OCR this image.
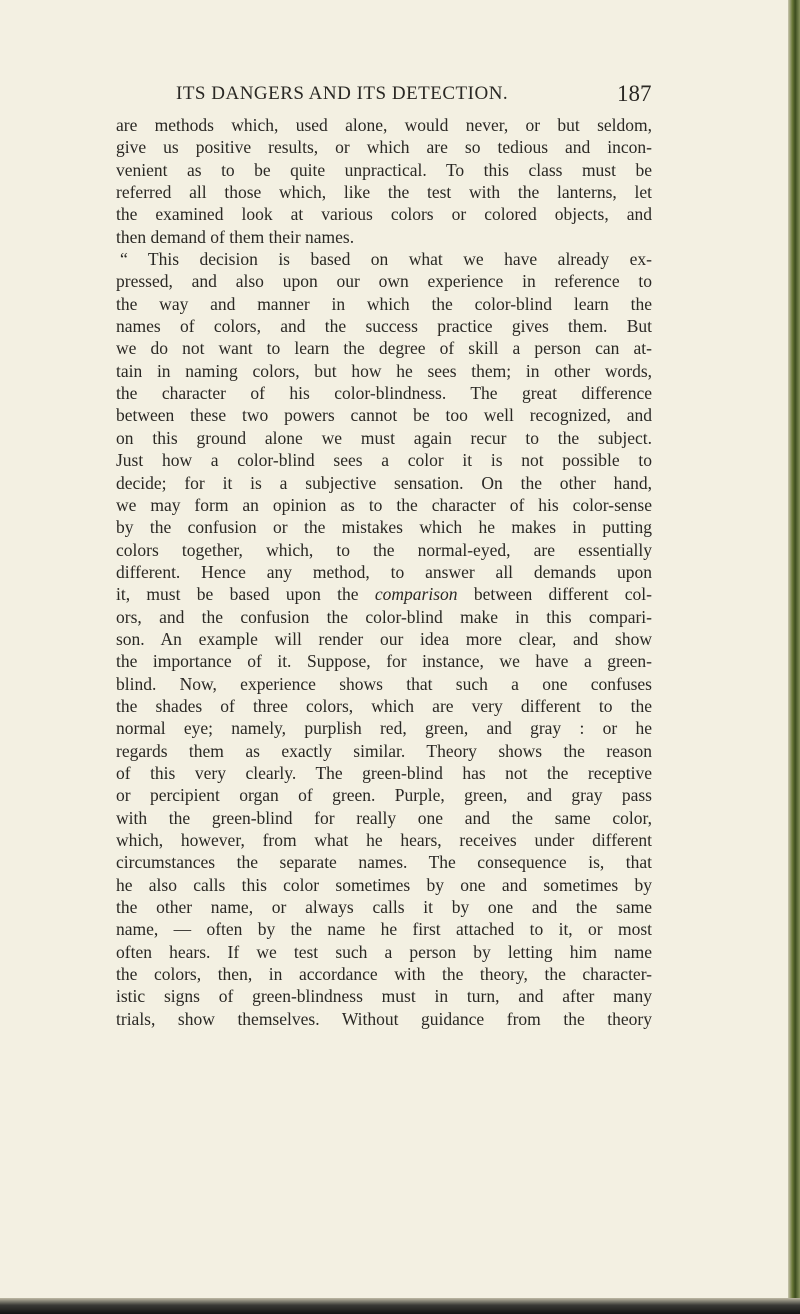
ITS DANGERS AND ITS DETECTION.	187
are methods which, used alone, would never, or but seldom,
give us positive results, or which are so tedious and incon-
venient as to be quite unpractical. To this class must be
referred all those which, like the test with the lanterns, let
the examined look at various colors or colored objects, and
then demand of them their names.
“ This decision is based on what we have already ex-
pressed, and also upon our own experience in reference to
the way and manner in which the color-blind learn the
names of colors, and the success practice gives them. But
we do not want to learn the degree of skill a person can at-
tain in naming colors, but how he sees them; in other words,
the character of his color-blindness. The great difference
between these two powers cannot be too well recognized, and
on this ground alone we must again recur to the subject.
Just how a color-blind sees a color it is not possible to
decide; for it is a subjective sensation. On the other hand,
we may form an opinion as to the character of his color-sense
by the confusion or the mistakes which he makes in putting
colors together, which, to the normal-eyed, are essentially
different. Hence any method, to answer all demands upon
it, must be based upon the comparison between different col-
ors, and the confusion the color-blind make in this compari-
son. An example will render our idea more clear, and show
the importance of it. Suppose, for instance, we have a green-
blind. Now, experience shows that such a one confuses
the shades of three colors, which are very different to the
normal eye; namely, purplish red, green, and gray : or he
regards them as exactly similar. Theory shows the reason
of this very clearly. The green-blind has not the receptive
or percipient organ of green. Purple, green, and gray pass
with the green-blind for really one and the same color,
which, however, from what he hears, receives under different
circumstances the separate names. The consequence is, that
he also calls this color sometimes by one and sometimes by
the other name, or always calls it by one and the same
name, — often by the name he first attached to it, or most
often hears. If we test such a person by letting him name
the colors, then, in accordance with the theory, the character-
istic signs of green-blindness must in turn, and after many
trials, show themselves. Without guidance from the theory
